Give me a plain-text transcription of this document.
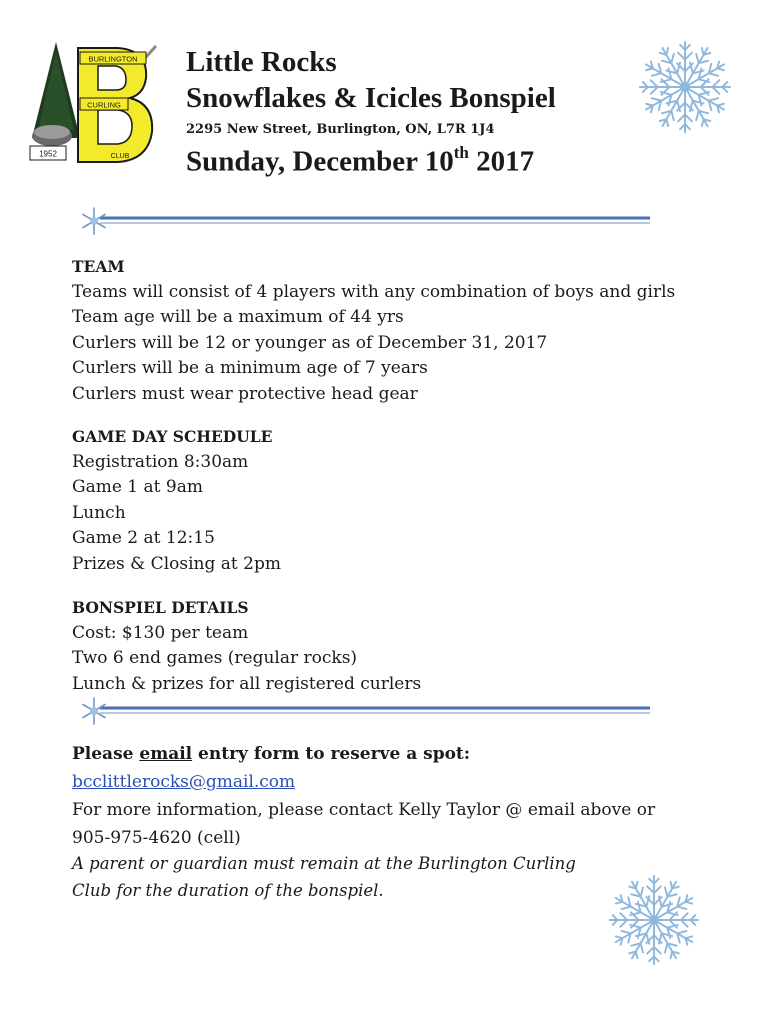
BURLINGTON
CURLING
CLUB
1952
Little Rocks
Snowflakes & Icicles Bonspiel
2295 New Street, Burlington, ON, L7R 1J4
Sunday, December 10th 2017
TEAM
Teams will consist of 4 players with any combination of boys and girls
Team age will be a maximum of 44 yrs
Curlers will be 12 or younger as of December 31, 2017
Curlers will be a minimum age of 7 years
Curlers must wear protective head gear
GAME DAY SCHEDULE
Registration 8:30am
Game 1 at 9am
Lunch
Game 2 at 12:15
Prizes & Closing at 2pm
BONSPIEL DETAILS
Cost: $130 per team
Two 6 end games (regular rocks)
Lunch & prizes for all registered curlers
Please email entry form to reserve a spot: bcclittlerocks@gmail.com
For more information, please contact Kelly Taylor @ email above or
905-975-4620 (cell)
A parent or guardian must remain at the Burlington Curling
Club for the duration of the bonspiel.
